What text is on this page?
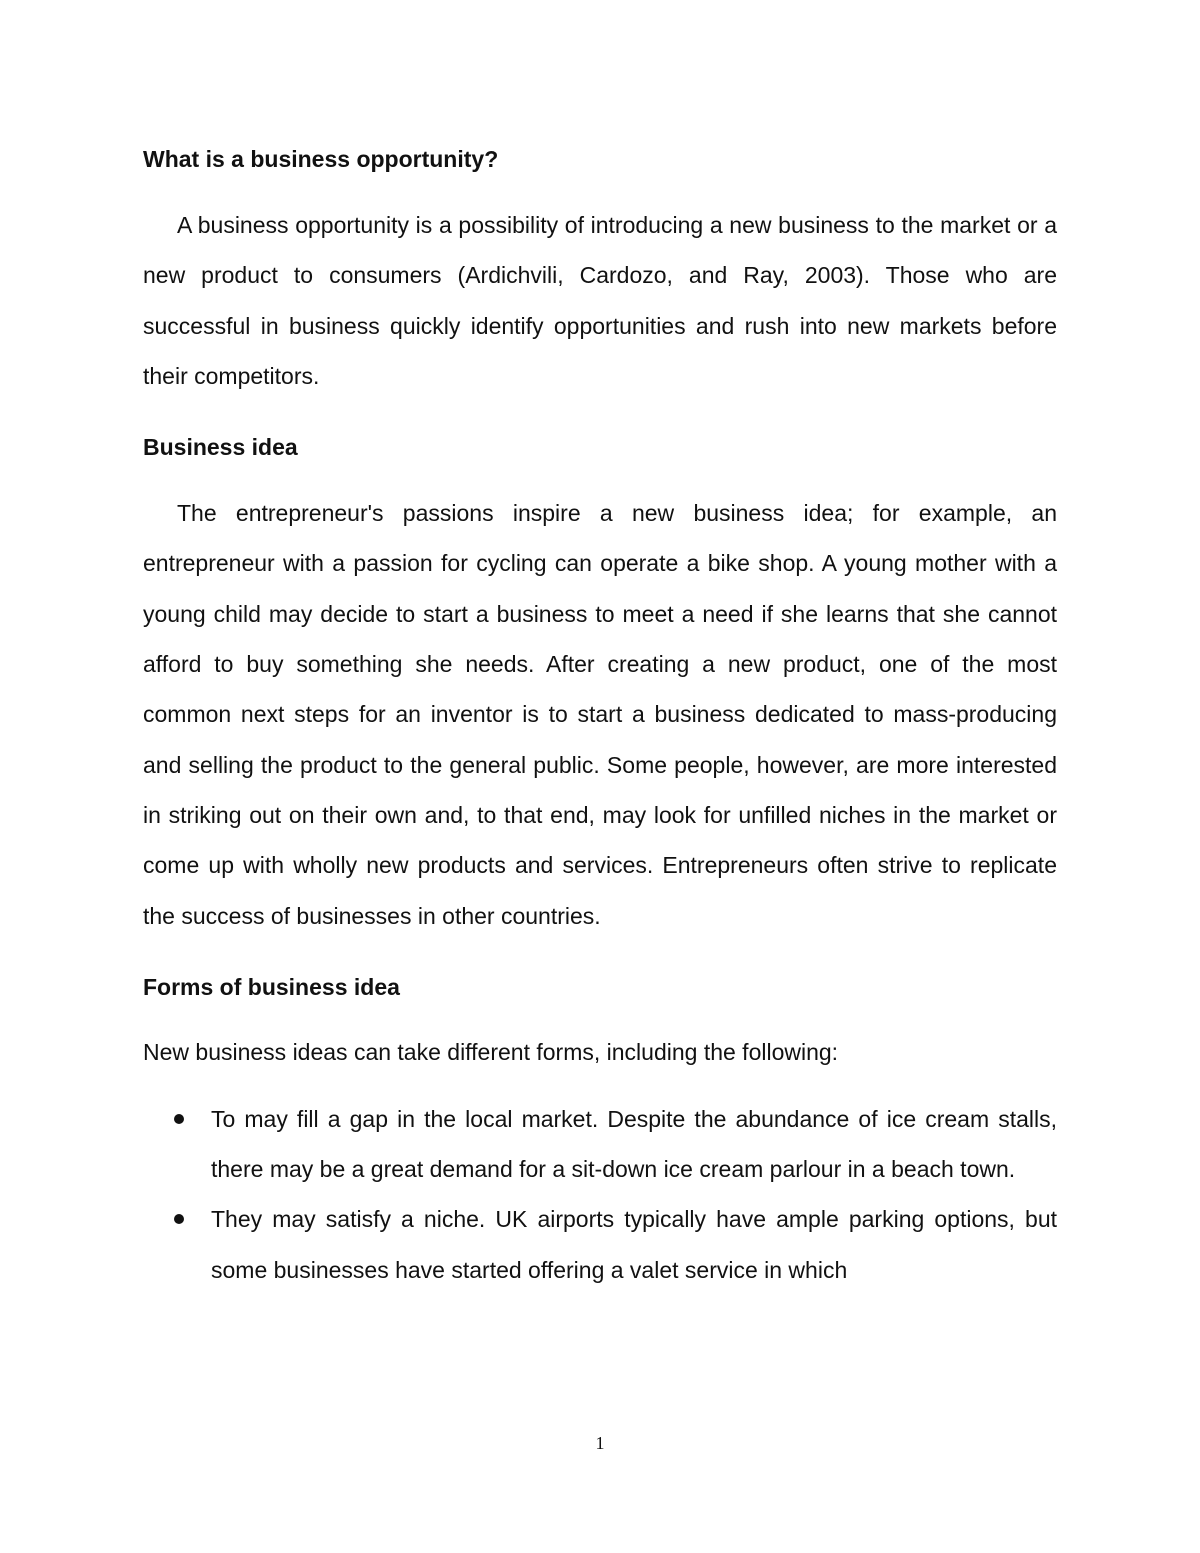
What is a business opportunity?

A business opportunity is a possibility of introducing a new business to the market or a new product to consumers (Ardichvili, Cardozo, and Ray, 2003). Those who are successful in business quickly identify opportunities and rush into new markets before their competitors.

Business idea

The entrepreneur's passions inspire a new business idea; for example, an entrepreneur with a passion for cycling can operate a bike shop. A young mother with a young child may decide to start a business to meet a need if she learns that she cannot afford to buy something she needs. After creating a new product, one of the most common next steps for an inventor is to start a business dedicated to mass-producing and selling the product to the general public. Some people, however, are more interested in striking out on their own and, to that end, may look for unfilled niches in the market or come up with wholly new products and services. Entrepreneurs often strive to replicate the success of businesses in other countries.

Forms of business idea

New business ideas can take different forms, including the following:

To may fill a gap in the local market. Despite the abundance of ice cream stalls, there may be a great demand for a sit-down ice cream parlour in a beach town.
They may satisfy a niche. UK airports typically have ample parking options, but some businesses have started offering a valet service in which
1
